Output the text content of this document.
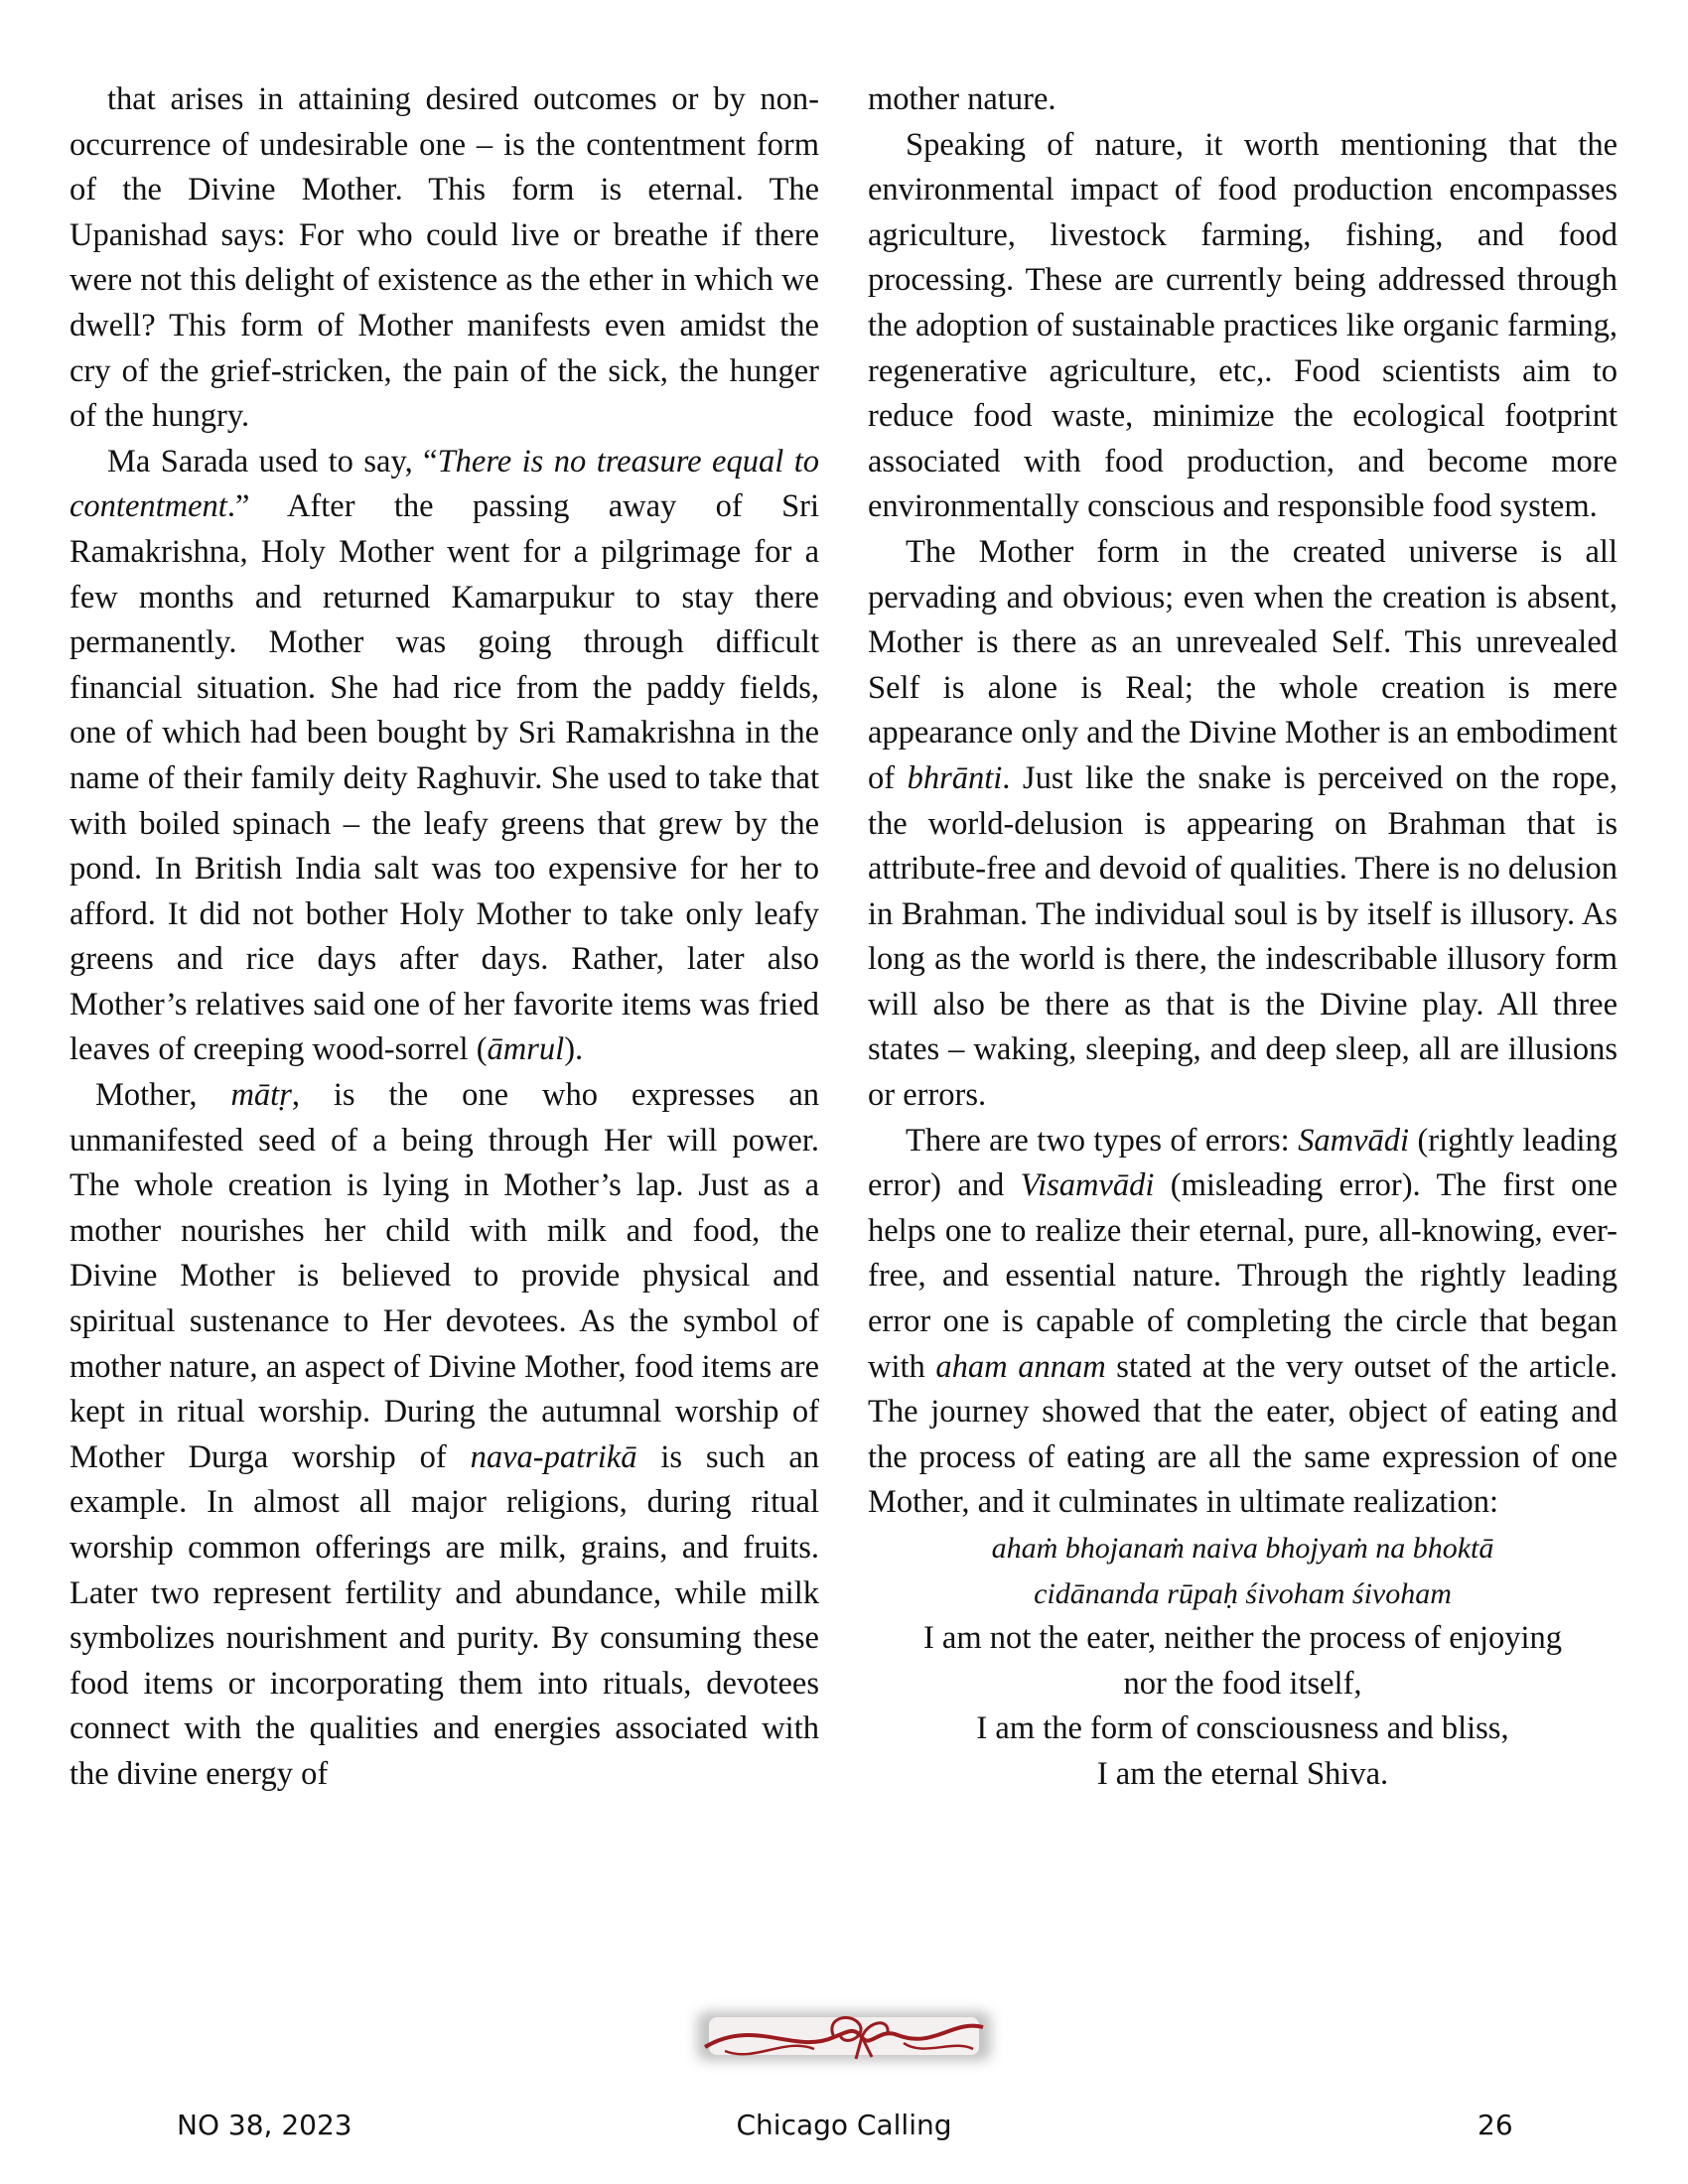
that arises in attaining desired outcomes or by non-occurrence of undesirable one – is the contentment form of the Divine Mother. This form is eternal. The Upanishad says: For who could live or breathe if there were not this delight of existence as the ether in which we dwell? This form of Mother manifests even amidst the cry of the grief-stricken, the pain of the sick, the hunger of the hungry.

Ma Sarada used to say, “There is no treasure equal to contentment.” After the passing away of Sri Ramakrishna, Holy Mother went for a pilgrimage for a few months and returned Kamarpukur to stay there permanently. Mother was going through difficult financial situation. She had rice from the paddy fields, one of which had been bought by Sri Ramakrishna in the name of their family deity Raghuvir. She used to take that with boiled spinach – the leafy greens that grew by the pond. In British India salt was too expensive for her to afford. It did not bother Holy Mother to take only leafy greens and rice days after days. Rather, later also Mother’s relatives said one of her favorite items was fried leaves of creeping wood-sorrel (āmrul).

Mother, mātṛ, is the one who expresses an unmanifested seed of a being through Her will power. The whole creation is lying in Mother’s lap. Just as a mother nourishes her child with milk and food, the Divine Mother is believed to provide physical and spiritual sustenance to Her devotees. As the symbol of mother nature, an aspect of Divine Mother, food items are kept in ritual worship. During the autumnal worship of Mother Durga worship of nava-patrikā is such an example. In almost all major religions, during ritual worship common offerings are milk, grains, and fruits. Later two represent fertility and abundance, while milk symbolizes nourishment and purity. By consuming these food items or incorporating them into rituals, devotees connect with the qualities and energies associated with the divine energy of

mother nature.

Speaking of nature, it worth mentioning that the environmental impact of food production encompasses agriculture, livestock farming, fishing, and food processing. These are currently being addressed through the adoption of sustainable practices like organic farming, regenerative agriculture, etc,. Food scientists aim to reduce food waste, minimize the ecological footprint associated with food production, and become more environmentally conscious and responsible food system.

The Mother form in the created universe is all pervading and obvious; even when the creation is absent, Mother is there as an unrevealed Self. This unrevealed Self is alone is Real; the whole creation is mere appearance only and the Divine Mother is an embodiment of bhrānti. Just like the snake is perceived on the rope, the world-delusion is appearing on Brahman that is attribute-free and devoid of qualities. There is no delusion in Brahman. The individual soul is by itself is illusory. As long as the world is there, the indescribable illusory form will also be there as that is the Divine play. All three states – waking, sleeping, and deep sleep, all are illusions or errors.

There are two types of errors: Samvādi (rightly leading error) and Visamvādi (misleading error). The first one helps one to realize their eternal, pure, all-knowing, ever-free, and essential nature. Through the rightly leading error one is capable of completing the circle that began with aham annam stated at the very outset of the article. The journey showed that the eater, object of eating and the process of eating are all the same expression of one Mother, and it culminates in ultimate realization:

ahaṁ bhojanaṁ naiva bhojyaṁ na bhoktā

cidānanda rūpaḥ śivoham śivoham

I am not the eater, neither the process of enjoying

nor the food itself,

I am the form of consciousness and bliss,

I am the eternal Shiva.

NO 38, 2023	Chicago Calling	26
